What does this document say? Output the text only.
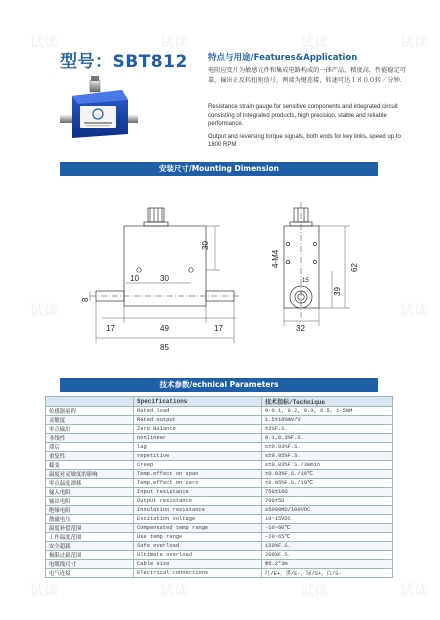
试读	试读	试读	试读
试读	试读
试读	试读	试读	试读
型号：SBT812 特点与用途/Features&Application
电阻应变片为敏感元件和集成电路构成的一体产品，精度高，性能稳定可靠，输出正反转扭矩信号，两端为键连接，转速可达１８００转／分钟．

Resistance strain gauge for sensitive components and integrated circuit consisting of integrated products, high precision, stable and reliable performance.

Output and reversing torque signals, both ends for key links, speed up to 1800 RPM

安装尺寸/Mounting Dimension
30
10	30
8
17	49	17
85
4-M4	62
39
15
32
技术参数/echnical Parameters
	Specifications	技术指标/Technique
传感器量程	Rated load	0-0.1, 0.2, 0.3, 0.5, 1-5NM
灵敏度	Rated output	1.5±10%mV/V
零点输出	Zero Balance	±2%F.S.
非线性	nonlinear	0.1,0.3%F.S.
滞后	lag	≤±0.03%F.S.
重复性	repetitive	≤±0.05%F.S.
蠕变	Creep	≤±0.03%F.S./30min
温度对灵敏度的影响	Temp.effect on span	±0.03%F.S./10℃
零点温度漂移	Temp.effect on zero	±0.05%F.S./10℃
输入电阻	Input resistance	750±10Ω
输出电阻	Output resistance	700±5Ω
绝缘电阻	Insulation resistance	≥5000MΩ/100VDC
激磁电压	Excitation voltage	10~15VDC
温度补偿范围	Compensated temp range	-10~60℃
工作温度范围	Use temp range	-20~65℃
安全超载	Safe overload	150%F.S.
极限过载范围	Ultimate overload	200%F.S.
电缆线尺寸	Cable size	Φ5.2*3m
电气连接	Electrical connections	红/E+，黑/E-，绿/S+，白/S-
